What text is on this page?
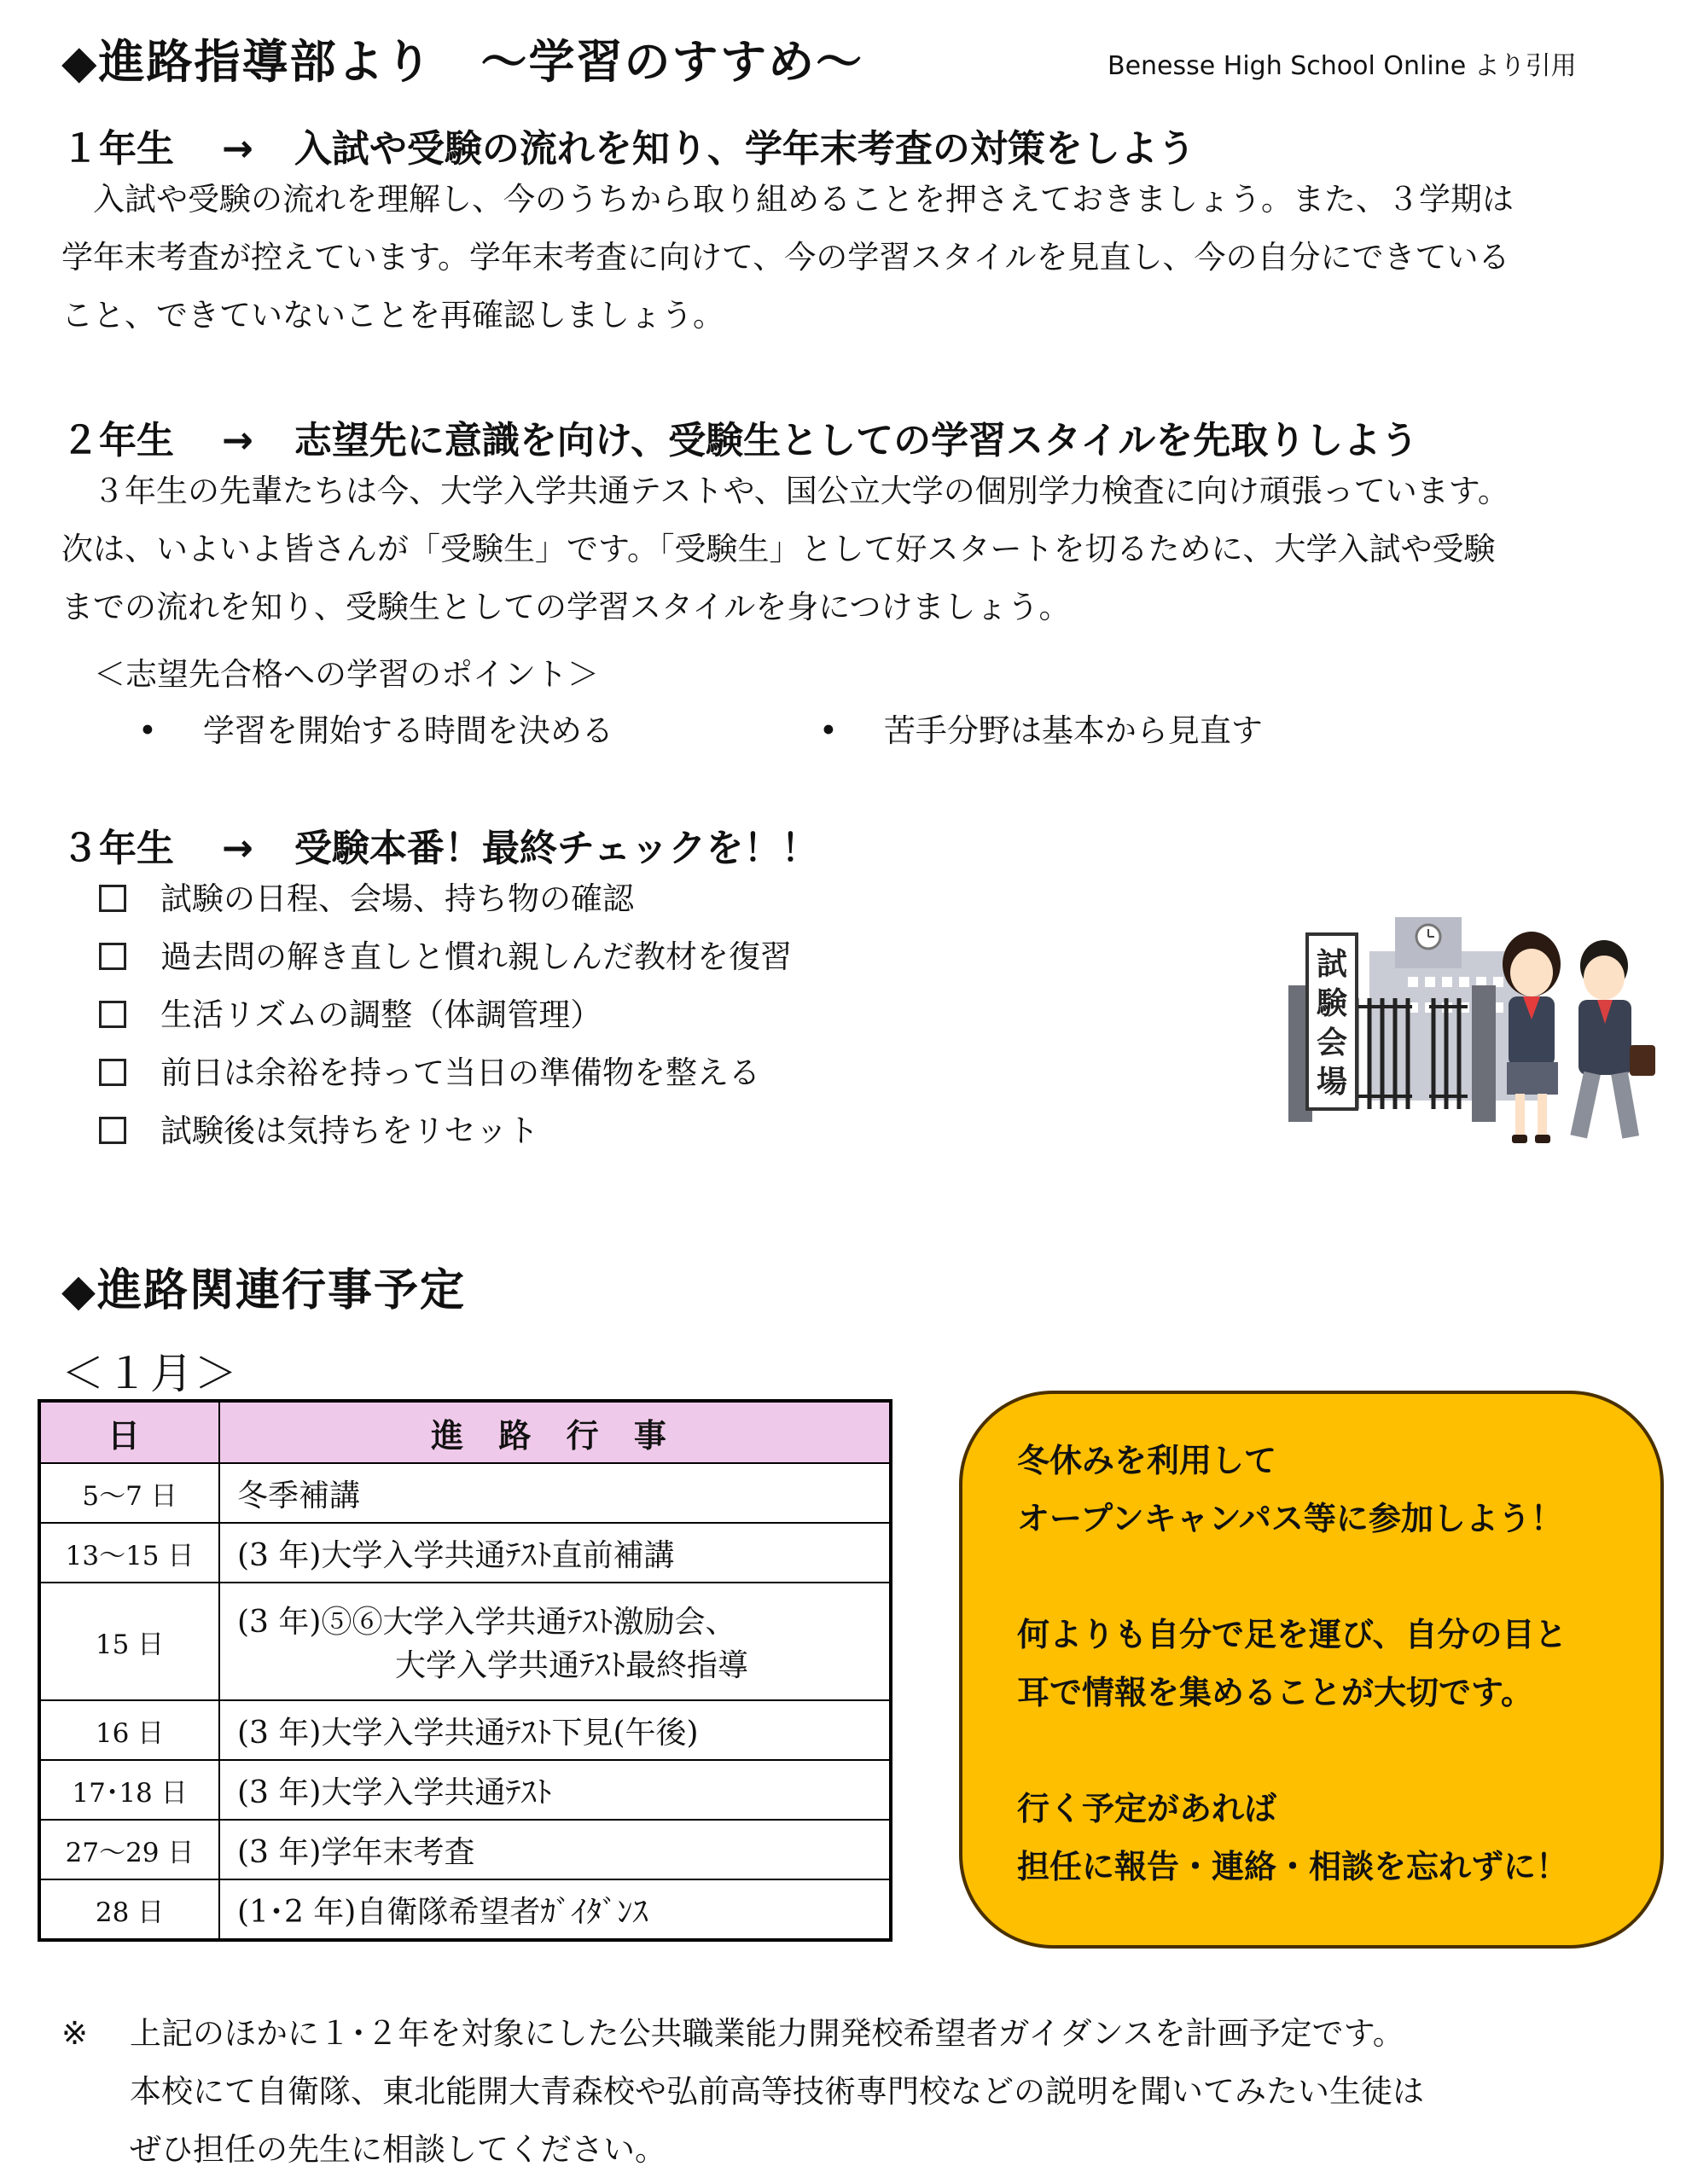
◆進路指導部より　～学習のすすめ～	Benesse High School Online より引用
１年生 → 入試や受験の流れを知り、学年末考査の対策をしよう

　入試や受験の流れを理解し、今のうちから取り組めることを押さえておきましょう。また、３学期は

学年末考査が控えています。学年末考査に向けて、今の学習スタイルを見直し、今の自分にできている

こと、できていないことを再確認しましょう。

２年生 → 志望先に意識を向け、受験生としての学習スタイルを先取りしよう

　３年生の先輩たちは今、大学入学共通テストや、国公立大学の個別学力検査に向け頑張っています。

次は、いよいよ皆さんが「受験生」です。「受験生」として好スタートを切るために、大学入試や受験

までの流れを知り、受験生としての学習スタイルを身につけましょう。

＜志望先合格への学習のポイント＞
• 学習を開始する時間を決める	• 苦手分野は基本から見直す
３年生 → 受験本番！最終チェックを！！
試験の日程、会場、持ち物の確認
過去問の解き直しと慣れ親しんだ教材を復習
生活リズムの調整（体調管理）
前日は余裕を持って当日の準備物を整える
試験後は気持ちをリセット
試
験
会
場
◆進路関連行事予定
＜１月＞
日	進 路 行 事
5～7 日	冬季補講
13～15 日	(3 年)大学入学共通ﾃｽﾄ直前補講
15 日	(3 年)⑤⑥大学入学共通ﾃｽﾄ激励会、
大学入学共通ﾃｽﾄ最終指導

16 日	(3 年)大学入学共通ﾃｽﾄ下見(午後)
17･18 日	(3 年)大学入学共通ﾃｽﾄ
27～29 日	(3 年)学年末考査
28 日	(1･2 年)自衛隊希望者ｶﾞｲﾀﾞﾝｽ

冬休みを利用して
オープンキャンパス等に参加しよう！

何よりも自分で足を運び、自分の目と
耳で情報を集めることが大切です。

行く予定があれば
担任に報告・連絡・相談を忘れずに！

※ 上記のほかに１･２年を対象にした公共職業能力開発校希望者ガイダンスを計画予定です。
本校にて自衛隊、東北能開大青森校や弘前高等技術専門校などの説明を聞いてみたい生徒は
ぜひ担任の先生に相談してください。
